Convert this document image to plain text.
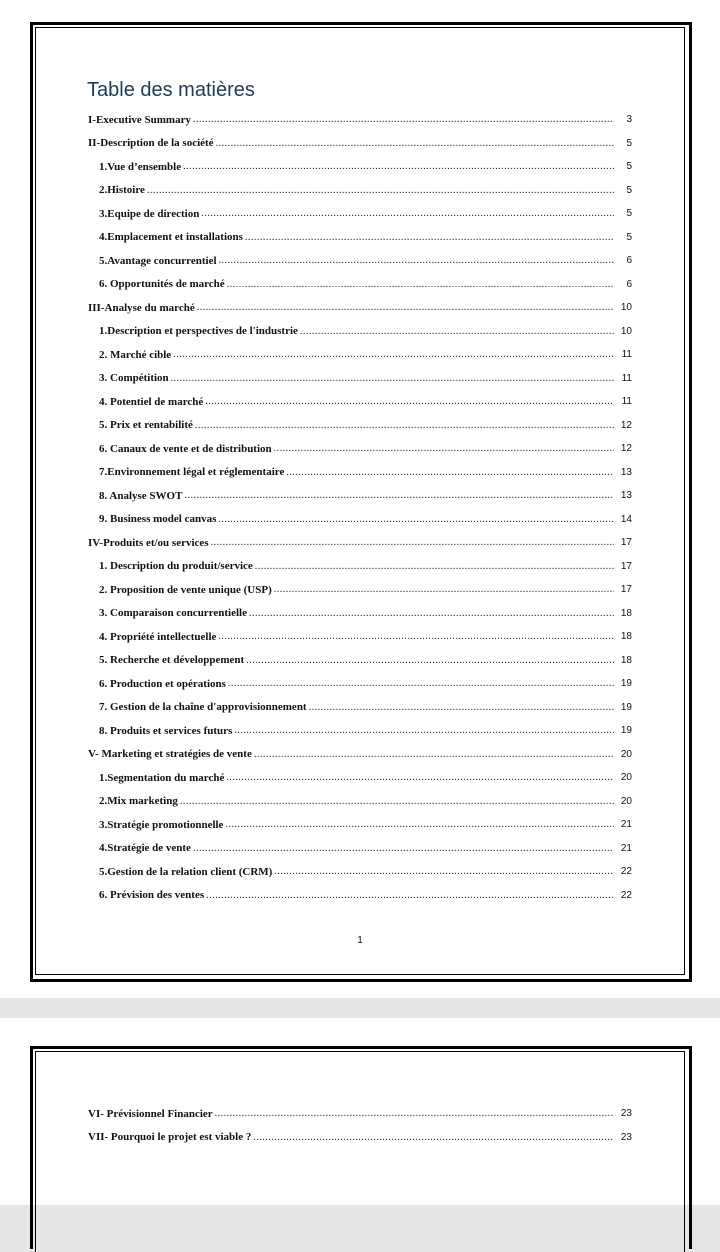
Table des matières
I-Executive Summary .....	3
II-Description de la société .....	5
1.Vue d’ensemble .....	5
2.Histoire .....	5
3.Equipe de direction .....	5
4.Emplacement et installations .....	5
5.Avantage concurrentiel .....	6
6. Opportunités de marché .....	6
III-Analyse du marché .....	10
1.Description et perspectives de l'industrie .....	10
2. Marché cible .....	11
3. Compétition .....	11
4. Potentiel de marché .....	11
5. Prix et rentabilité .....	12
6. Canaux de vente et de distribution .....	12
7.Environnement légal et réglementaire .....	13
8. Analyse SWOT .....	13
9. Business model canvas .....	14
IV-Produits et/ou services .....	17
1. Description du produit/service .....	17
2. Proposition de vente unique (USP) .....	17
3. Comparaison concurrentielle .....	18
4. Propriété intellectuelle .....	18
5. Recherche et développement .....	18
6. Production et opérations .....	19
7. Gestion de la chaîne d'approvisionnement .....	19
8. Produits et services futurs .....	19
V- Marketing et stratégies de vente .....	20
1.Segmentation du marché .....	20
2.Mix marketing .....	20
3.Stratégie promotionnelle .....	21
4.Stratégie de vente .....	21
5.Gestion de la relation client (CRM) .....	22
6. Prévision des ventes .....	22
1
VI- Prévisionnel Financier .....	23
VII- Pourquoi le projet est viable ? .....	23
